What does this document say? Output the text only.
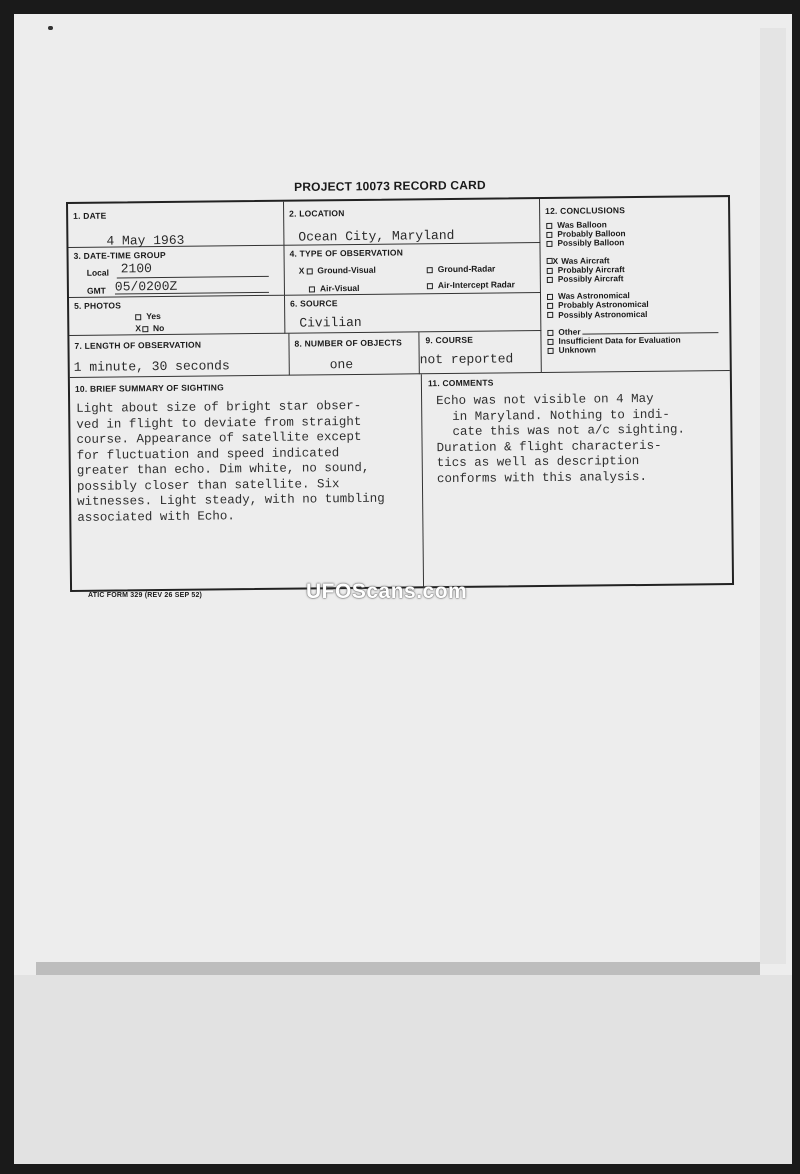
PROJECT 10073 RECORD CARD
1. DATE
4 May 1963
2. LOCATION
Ocean City, Maryland
3. DATE-TIME GROUP
Local 2100
GMT 05/0200Z
4. TYPE OF OBSERVATION
X Ground-Visual	Ground-Radar
Air-Visual	Air-Intercept Radar
5. PHOTOS
Yes
X No
6. SOURCE
Civilian
7. LENGTH OF OBSERVATION
1 minute, 30 seconds
8. NUMBER OF OBJECTS
one
9. COURSE
not reported
10. BRIEF SUMMARY OF SIGHTING
Light about size of bright star obser-
ved in flight to deviate from straight
course. Appearance of satellite except
for fluctuation and speed indicated
greater than echo. Dim white, no sound,
possibly closer than satellite. Six
witnesses. Light steady, with no tumbling
associated with Echo.
11. COMMENTS
Echo was not visible on 4 May
in Maryland. Nothing to indi-
cate this was not a/c sighting.
Duration & flight characteris-
tics as well as description
conforms with this analysis.
12. CONCLUSIONS
Was Balloon
Probably Balloon
Possibly Balloon
X Was Aircraft
Probably Aircraft
Possibly Aircraft
Was Astronomical
Probably Astronomical
Possibly Astronomical
Other
Insufficient Data for Evaluation
Unknown
ATIC FORM 329 (REV 26 SEP 52)	UFOScans.com
